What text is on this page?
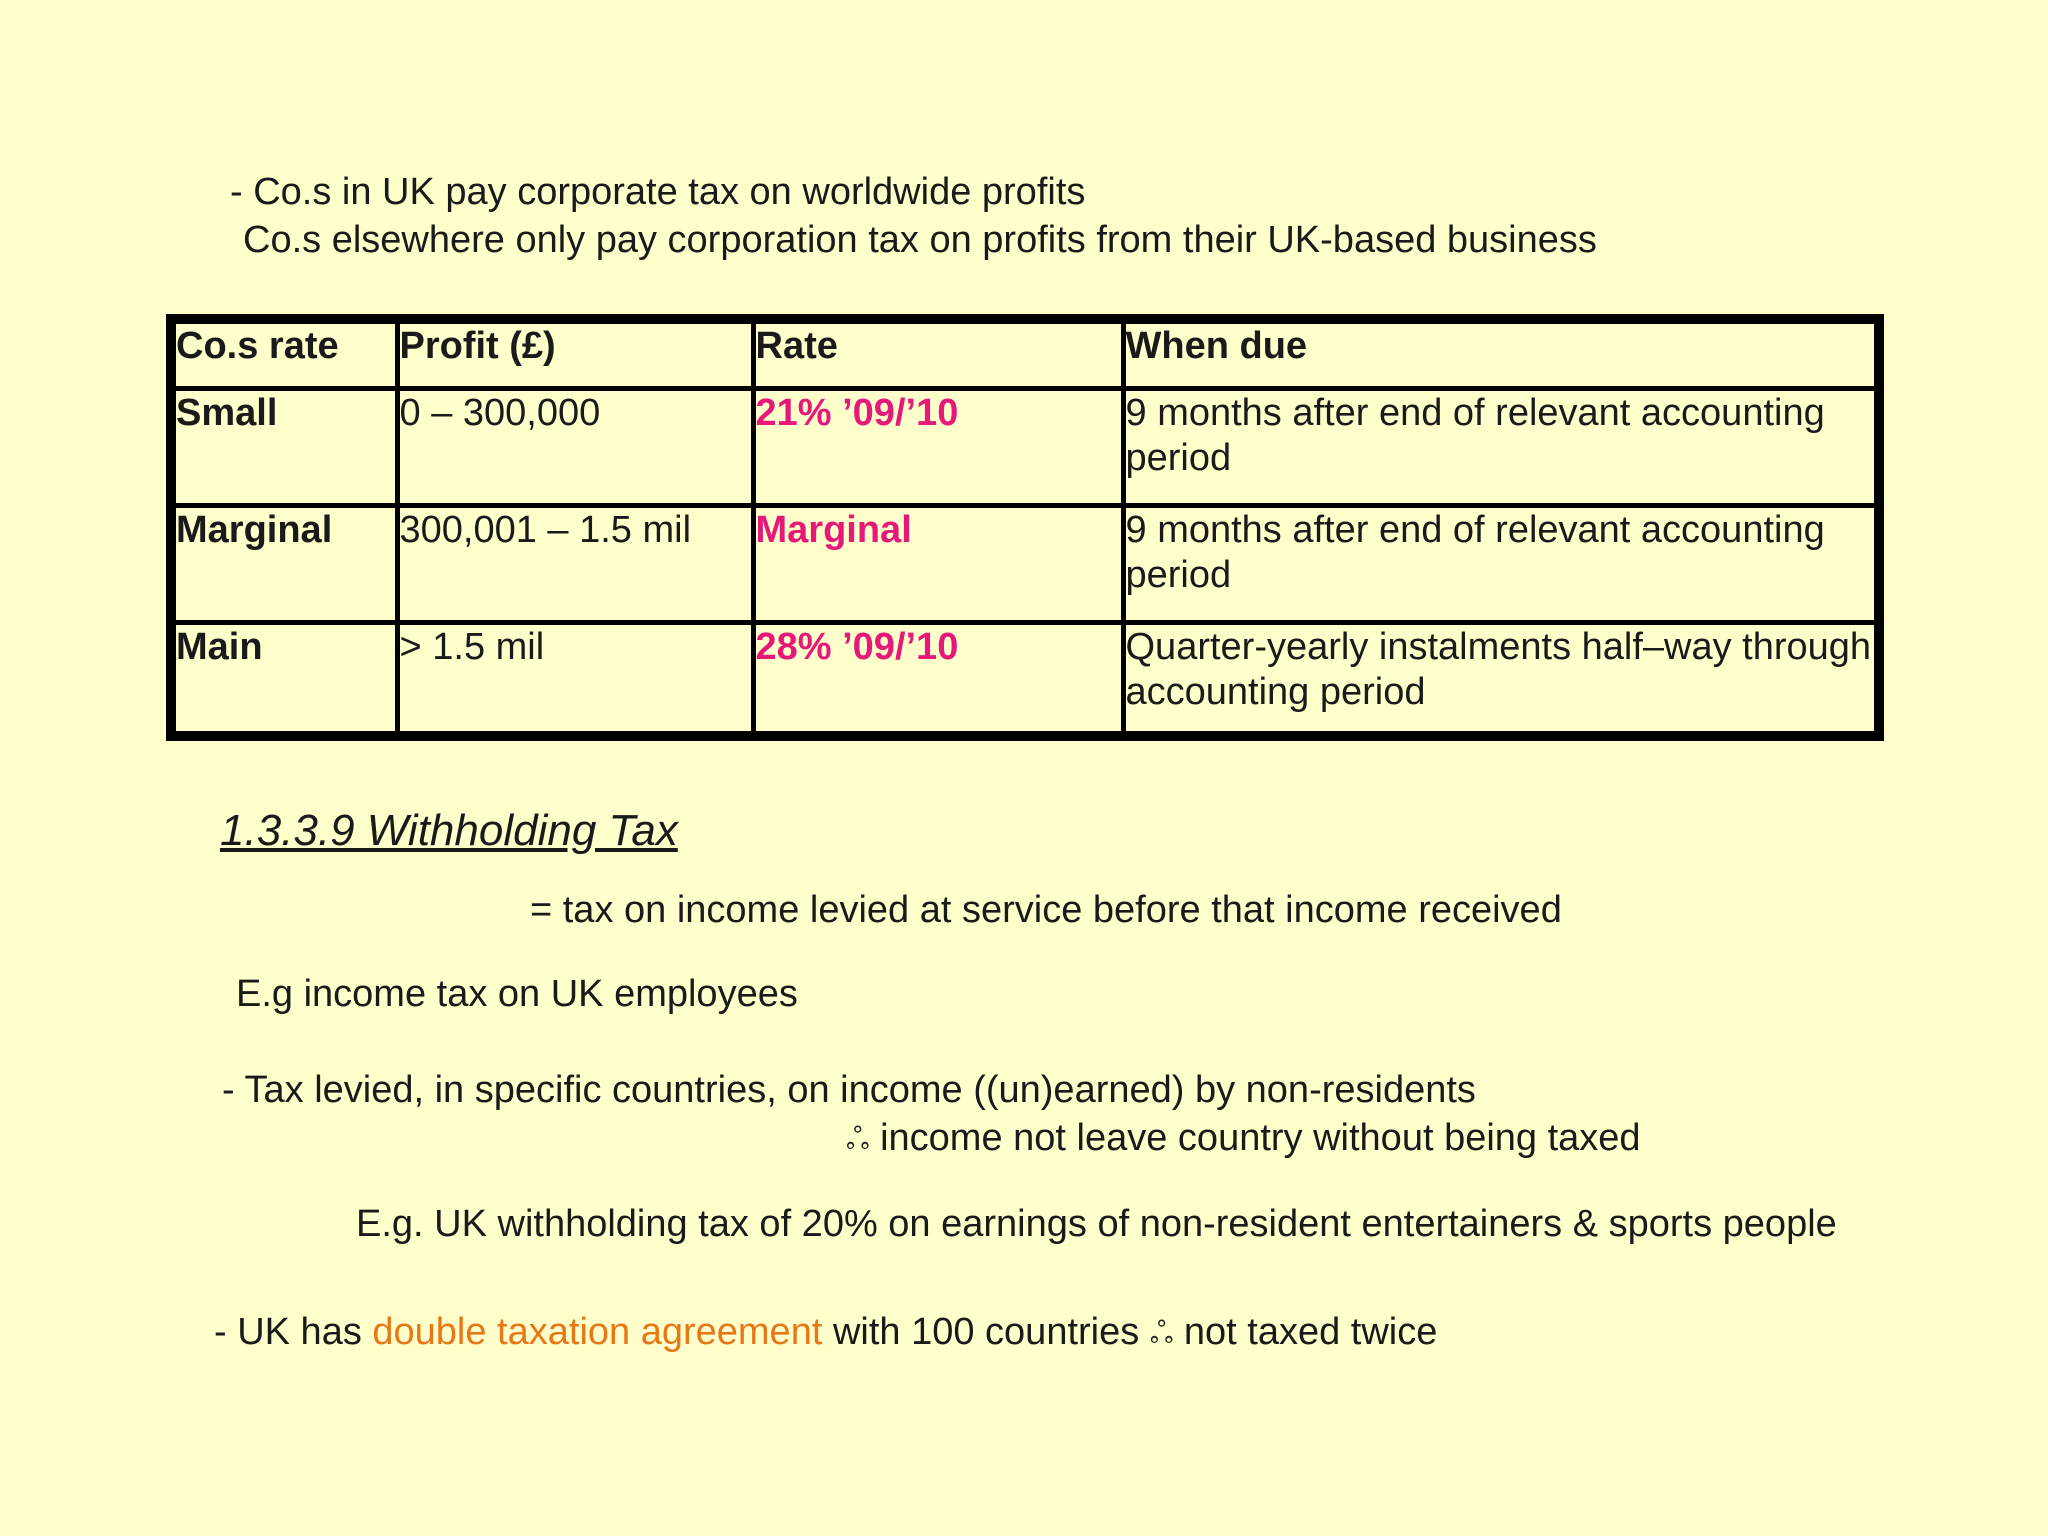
- Co.s in UK pay corporate tax on worldwide profits
Co.s elsewhere only pay corporation tax on profits from their UK-based business
Co.s rate	Profit (£)	Rate	When due
Small	0 – 300,000	21% ’09/’10	9 months after end of relevant accounting period
Marginal	300,001 – 1.5 mil	Marginal	9 months after end of relevant accounting period
Main	> 1.5 mil	28% ’09/’10	Quarter-yearly instalments half–way through accounting period
1.3.3.9 Withholding Tax
= tax on income levied at service before that income received
E.g income tax on UK employees
- Tax levied, in specific countries, on income ((un)earned) by non-residents
ஃ income not leave country without being taxed
E.g. UK withholding tax of 20% on earnings of non-resident entertainers & sports people
- UK has double taxation agreement with 100 countries ஃ not taxed twice
